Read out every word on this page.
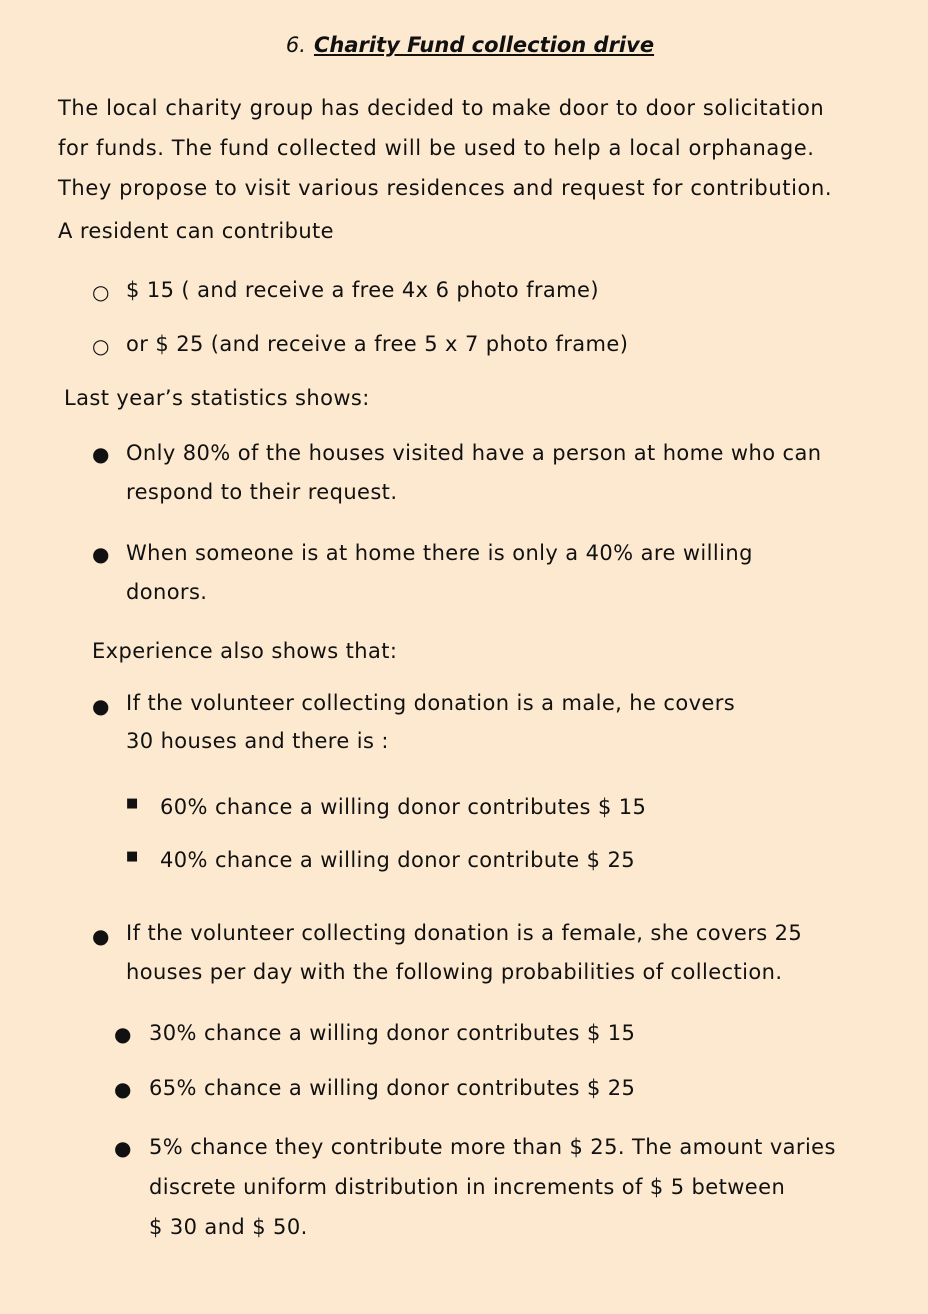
6. Charity Fund collection drive
The local charity group has decided to make door to door solicitation
for funds. The fund collected will be used to help a local orphanage.
They propose to visit various residences and request for contribution.
A resident can contribute
○ $ 15 ( and receive a free 4x 6 photo frame)
○ or $ 25 (and receive a free 5 x 7 photo frame)
Last year’s statistics shows:
● Only 80% of the houses visited have a person at home who can
respond to their request.
● When someone is at home there is only a 40% are willing
donors.
Experience also shows that:
● If the volunteer collecting donation is a male, he covers
30 houses and there is :
■ 60% chance a willing donor contributes $ 15
■ 40% chance a willing donor contribute $ 25
● If the volunteer collecting donation is a female, she covers 25
houses per day with the following probabilities of collection.
● 30% chance a willing donor contributes $ 15
● 65% chance a willing donor contributes $ 25
● 5% chance they contribute more than $ 25. The amount varies
discrete uniform distribution in increments of $ 5 between
$ 30 and $ 50.
